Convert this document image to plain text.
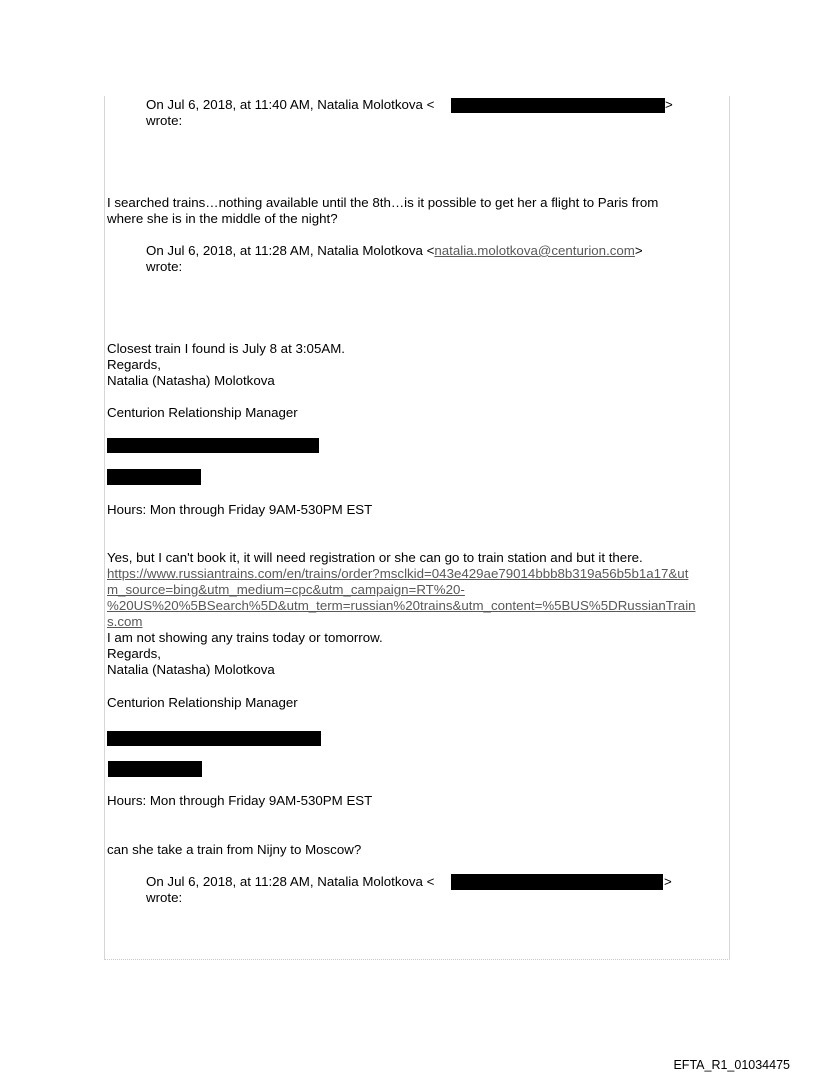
On Jul 6, 2018, at 11:40 AM, Natalia Molotkova <	>
wrote:
I searched trains…nothing available until the 8th…is it possible to get her a flight to Paris from
where she is in the middle of the night?
On Jul 6, 2018, at 11:28 AM, Natalia Molotkova <natalia.molotkova@centurion.com>
wrote:
Closest train I found is July 8 at 3:05AM.
Regards,
Natalia (Natasha) Molotkova
Centurion Relationship Manager
Hours: Mon through Friday 9AM-530PM EST
Yes, but I can't book it, it will need registration or she can go to train station and but it there.
https://www.russiantrains.com/en/trains/order?msclkid=043e429ae79014bbb8b319a56b5b1a17&ut
m_source=bing&utm_medium=cpc&utm_campaign=RT%20-
%20US%20%5BSearch%5D&utm_term=russian%20trains&utm_content=%5BUS%5DRussianTrain
s.com
I am not showing any trains today or tomorrow.
Regards,
Natalia (Natasha) Molotkova
Centurion Relationship Manager
Hours: Mon through Friday 9AM-530PM EST
can she take a train from Nijny to Moscow?
On Jul 6, 2018, at 11:28 AM, Natalia Molotkova <	>
wrote:
EFTA_R1_01034475
